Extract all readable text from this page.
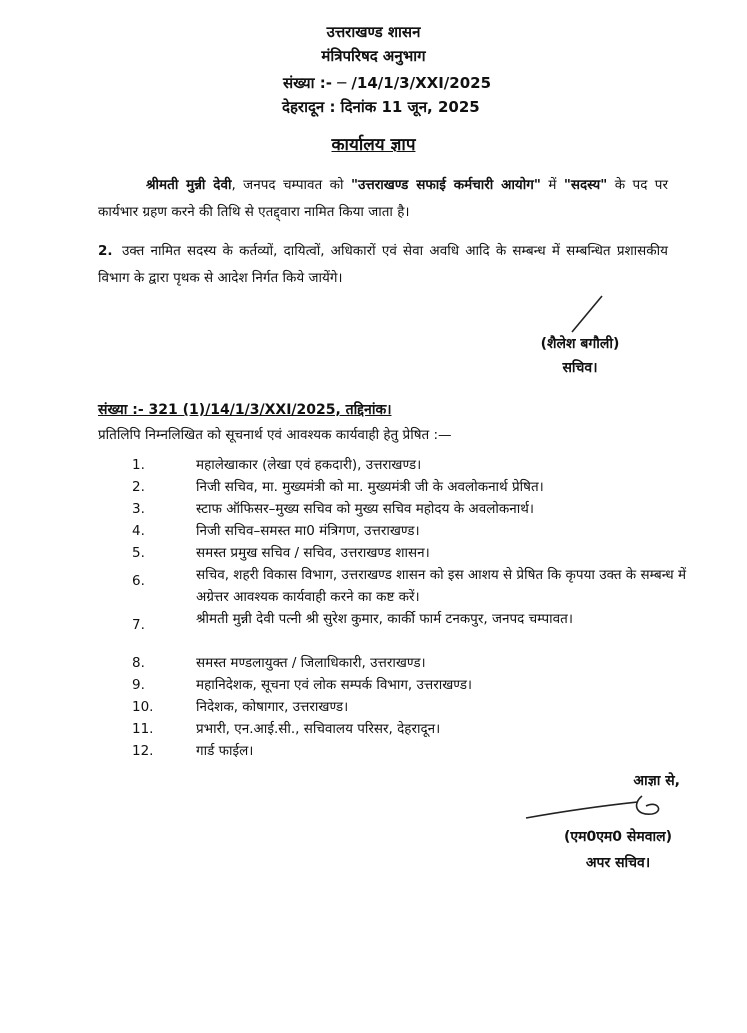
उत्तराखण्ड शासन
मंत्रिपरिषद अनुभाग
संख्या :- ─ /14/1/3/XXI/2025
देहरादून : दिनांक 11 जून, 2025
कार्यालय ज्ञाप
श्रीमती मुन्नी देवी, जनपद चम्पावत को "उत्तराखण्ड सफाई कर्मचारी आयोग" में "सदस्य" के पद पर कार्यभार ग्रहण करने की तिथि से एतद्द्वारा नामित किया जाता है।
2. उक्त नामित सदस्य के कर्तव्यों, दायित्वों, अधिकारों एवं सेवा अवधि आदि के सम्बन्ध में सम्बन्धित प्रशासकीय विभाग के द्वारा पृथक से आदेश निर्गत किये जायेंगे।
(शैलेश बगौली)
सचिव।
संख्या :- 321 (1)/14/1/3/XXI/2025, तद्दिनांक।
प्रतिलिपि निम्नलिखित को सूचनार्थ एवं आवश्यक कार्यवाही हेतु प्रेषित :—
1.	महालेखाकार (लेखा एवं हकदारी), उत्तराखण्ड।
2.	निजी सचिव, मा. मुख्यमंत्री को मा. मुख्यमंत्री जी के अवलोकनार्थ प्रेषित।
3.	स्टाफ ऑफिसर–मुख्य सचिव को मुख्य सचिव महोदय के अवलोकनार्थ।
4.	निजी सचिव–समस्त मा0 मंत्रिगण, उत्तराखण्ड।
5.	समस्त प्रमुख सचिव / सचिव, उत्तराखण्ड शासन।
6.	सचिव, शहरी विकास विभाग, उत्तराखण्ड शासन को इस आशय से प्रेषित कि कृपया उक्त के सम्बन्ध में अग्रेत्तर आवश्यक कार्यवाही करने का कष्ट करें।
7.	श्रीमती मुन्नी देवी पत्नी श्री सुरेश कुमार, कार्की फार्म टनकपुर, जनपद चम्पावत।
8.	समस्त मण्डलायुक्त / जिलाधिकारी, उत्तराखण्ड।
9.	महानिदेशक, सूचना एवं लोक सम्पर्क विभाग, उत्तराखण्ड।
10.	निदेशक, कोषागार, उत्तराखण्ड।
11.	प्रभारी, एन.आई.सी., सचिवालय परिसर, देहरादून।
12.	गार्ड फाईल।
आज्ञा से,
(एम0एम0 सेमवाल)
अपर सचिव।
